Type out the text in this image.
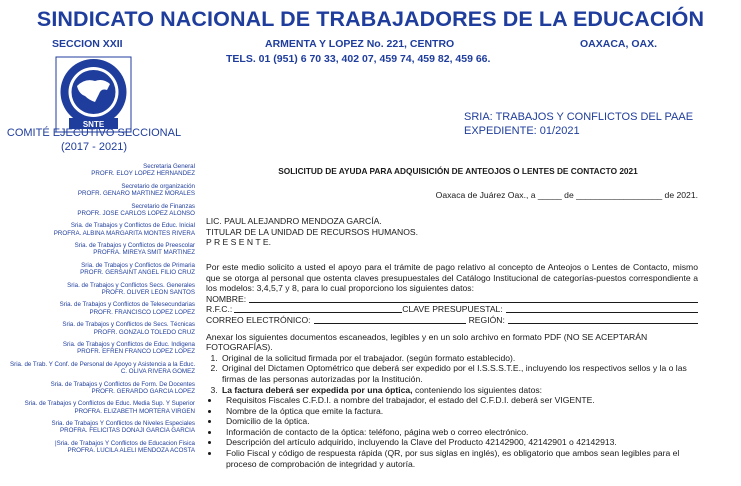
SINDICATO NACIONAL DE TRABAJADORES DE LA EDUCACIÓN
SECCION XXII	ARMENTA Y LOPEZ No. 221, CENTRO	OAXACA, OAX.
TELS. 01 (951) 6 70 33, 402 07, 459 74, 459 82, 459 66.
SNTE
COMITÉ EJECUTIVO SECCIONAL
(2017 - 2021)
SRIA: TRABAJOS Y CONFLICTOS DEL PAAE
EXPEDIENTE: 01/2021
Secretaria General
PROFR. ELOY LOPEZ HERNANDEZ
Secretario de organización
PROFR. GENARO MARTINEZ MORALES
Secretario de Finanzas
PROFR. JOSE CARLOS LOPEZ ALONSO
Sria. de Trabajos y Conflictos de Educ. Inicial
PROFRA. ALBINA MARGARITA MONTES RIVERA
Sria. de Trabajos y Conflictos de Preescolar
PROFRA. MIREYA SMIT MARTINEZ
Sria. de Trabajos y Conflictos de Primaria
PROFR. GERSAINT ANGEL FILIO CRUZ
Sria. de Trabajos y Conflictos Secs. Generales
PROFR. OLIVER LEON SANTOS
Sria. de Trabajos y Conflictos de Telesecundarias
PROFR. FRANCISCO LOPEZ LOPEZ
Sria. de Trabajos y Conflictos de Secs. Técnicas
PROFR. GONZALO TOLEDO CRUZ
Sria. de Trabajos y Conflictos de Educ. Indigena
PROFR. EFREN FRANCO LOPEZ LOPEZ
Sria. de Trab. Y Conf. de Personal de Apoyo y Asistencia a la Educ.
C. OLIVA RIVERA GOMEZ
Sria. de Trabajos y Conflictos de Form. De Docentes
PROFR. GERARDO GARCIA LOPEZ
Sria. de Trabajos y Conflictos de Educ. Media Sup. Y Superior
PROFRA. ELIZABETH MORTERA VIRGEN
Sria. de Trabajos Y Conflictos de Niveles Especiales
PROFRA. FELICITAS DONAJI GARCIA GARCIA
|Sria. de Trabajos Y Conflictos de Educacion Fisica
PROFRA. LUCILA ALELI MENDOZA ACOSTA
SOLICITUD DE AYUDA PARA ADQUISICIÓN DE ANTEOJOS O LENTES DE CONTACTO 2021
Oaxaca de Juárez Oax., a _____ de __________________ de 2021.
LIC. PAUL ALEJANDRO MENDOZA GARCÍA.
TITULAR DE LA UNIDAD DE RECURSOS HUMANOS.
P R E S E N T E.
Por este medio solicito a usted el apoyo para el trámite de pago relativo al concepto de Anteojos o Lentes de Contacto, mismo que se otorga al personal que ostenta claves presupuestales del Catálogo Institucional de categorías-puestos correspondiente a los modelos: 3,4,5,7 y 8, para lo cual proporciono los siguientes datos:
NOMBRE:
R.F.C.:	CLAVE PRESUPUESTAL:
CORREO ELECTRÓNICO:	REGIÓN:
Anexar los siguientes documentos escaneados, legibles y en un solo archivo en formato PDF (NO SE ACEPTARÁN FOTOGRAFÍAS).
1. Original de la solicitud firmada por el trabajador. (según formato establecido).
2. Original del Dictamen Optométrico que deberá ser expedido por el I.S.S.S.T.E., incluyendo los respectivos sellos y la o las firmas de las personas autorizadas por la Institución.
3. La factura deberá ser expedida por una óptica, conteniendo los siguientes datos:
• Requisitos Fiscales C.F.D.I. a nombre del trabajador, el estado del C.F.D.I. deberá ser VIGENTE.
• Nombre de la óptica que emite la factura.
• Domicilio de la óptica.
• Información de contacto de la óptica: teléfono, página web o correo electrónico.
• Descripción del artículo adquirido, incluyendo la Clave del Producto 42142900, 42142901 o 42142913.
• Folio Fiscal y código de respuesta rápida (QR, por sus siglas en inglés), es obligatorio que ambos sean legibles para el proceso de comprobación de integridad y autoría.
